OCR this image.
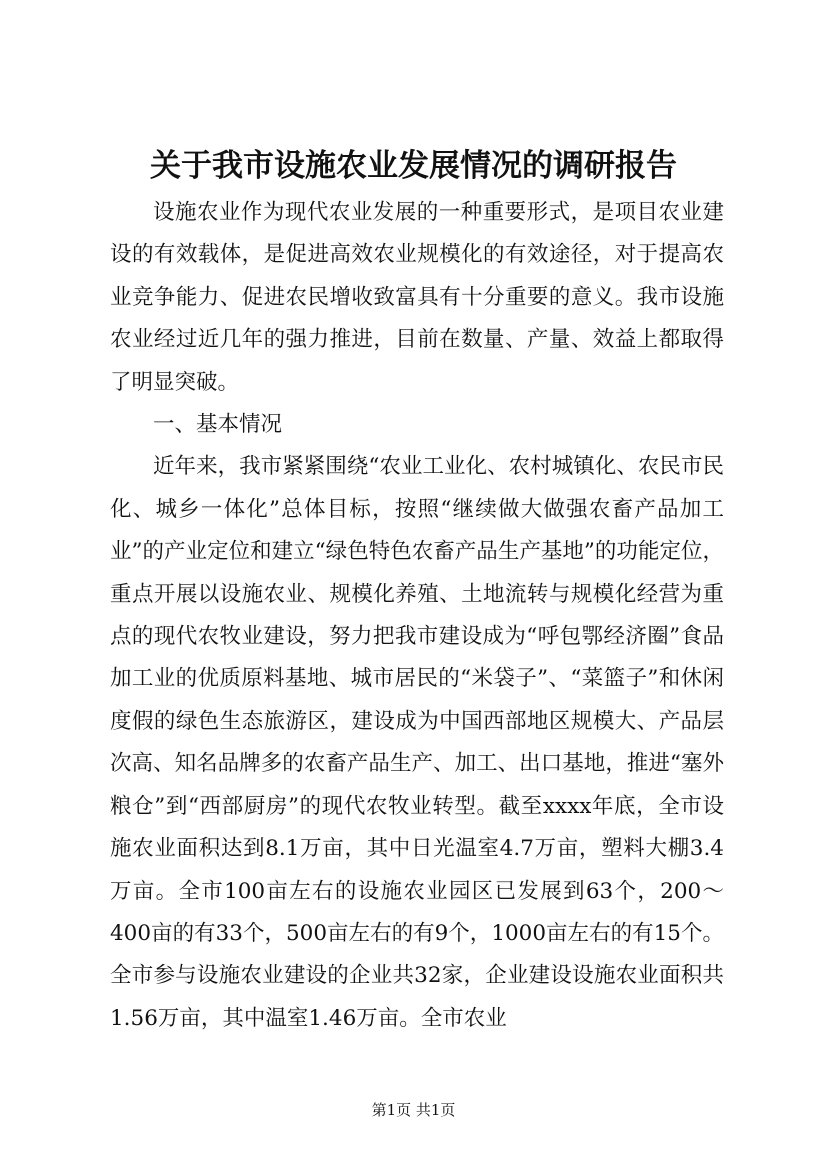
关于我市设施农业发展情况的调研报告

设施农业作为现代农业发展的一种重要形式，是项目农业建设的有效载体，是促进高效农业规模化的有效途径，对于提高农业竞争能力、促进农民增收致富具有十分重要的意义。我市设施农业经过近几年的强力推进，目前在数量、产量、效益上都取得了明显突破。

一、基本情况

近年来，我市紧紧围绕“农业工业化、农村城镇化、农民市民化、城乡一体化”总体目标，按照“继续做大做强农畜产品加工业”的产业定位和建立“绿色特色农畜产品生产基地”的功能定位，重点开展以设施农业、规模化养殖、土地流转与规模化经营为重点的现代农牧业建设，努力把我市建设成为“呼包鄂经济圈”食品加工业的优质原料基地、城市居民的“米袋子”、“菜篮子”和休闲度假的绿色生态旅游区，建设成为中国西部地区规模大、产品层次高、知名品牌多的农畜产品生产、加工、出口基地，推进“塞外粮仓”到“西部厨房”的现代农牧业转型。截至xxxx年底，全市设施农业面积达到8.1万亩，其中日光温室4.7万亩，塑料大棚3.4万亩。全市100亩左右的设施农业园区已发展到63个，200～400亩的有33个，500亩左右的有9个，1000亩左右的有15个。全市参与设施农业建设的企业共32家，企业建设设施农业面积共1.56万亩，其中温室1.46万亩。全市农业

第1页 共1页
